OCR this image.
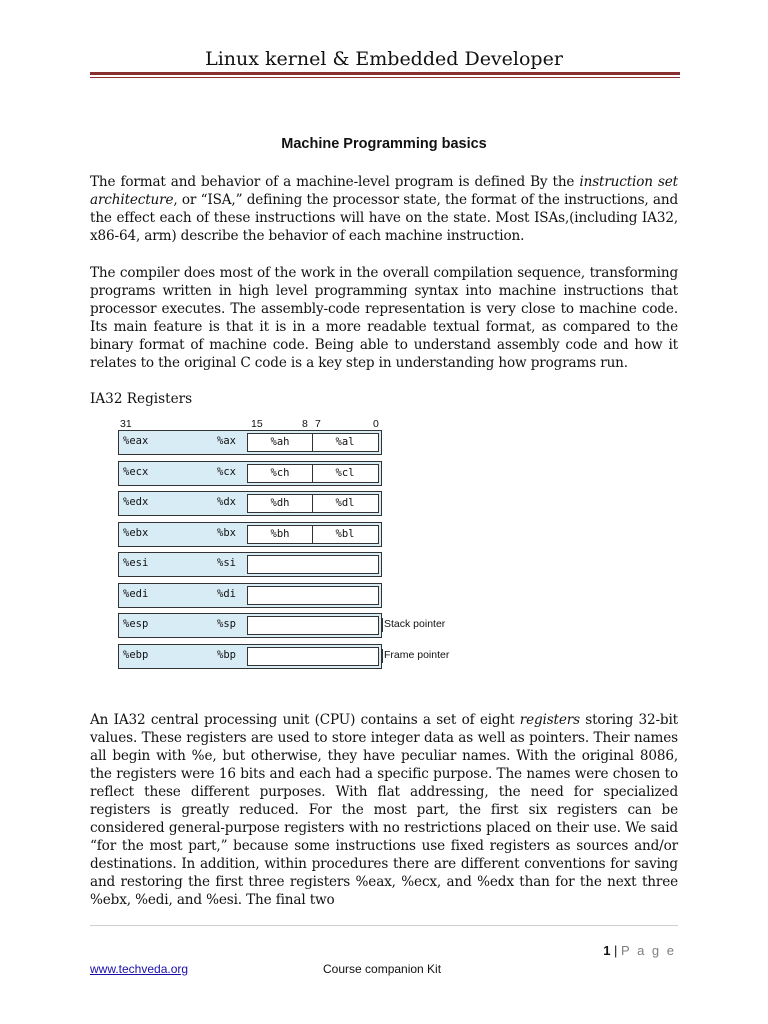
Linux kernel & Embedded Developer
Machine Programming basics
The format and behavior of a machine-level program is defined By the instruction set architecture, or “ISA,” defining the processor state, the format of the instructions, and the effect each of these instructions will have on the state. Most ISAs,(including IA32, x86-64, arm) describe the behavior of each machine instruction.
The compiler does most of the work in the overall compilation sequence, transforming programs written in high level programming syntax into machine instructions that processor executes. The assembly-code representation is very close to machine code. Its main feature is that it is in a more readable textual format, as compared to the binary format of machine code. Being able to understand assembly code and how it relates to the original C code is a key step in understanding how programs run.
IA32 Registers
31	15	8 7	0
%eax	%ax	%ah	%al
%ecx	%cx	%ch	%cl
%edx	%dx	%dh	%dl
%ebx	%bx	%bh	%bl
%esi	%si
%edi	%di
%esp	%sp	Stack pointer
%ebp	%bp	Frame pointer
An IA32 central processing unit (CPU) contains a set of eight registers storing 32-bit values. These registers are used to store integer data as well as pointers. Their names all begin with %e, but otherwise, they have peculiar names. With the original 8086, the registers were 16 bits and each had a specific purpose. The names were chosen to reflect these different purposes. With flat addressing, the need for specialized registers is greatly reduced. For the most part, the first six registers can be considered general-purpose registers with no restrictions placed on their use. We said “for the most part,” because some instructions use fixed registers as sources and/or destinations. In addition, within procedures there are different conventions for saving and restoring the first three registers %eax, %ecx, and %edx than for the next three %ebx, %edi, and %esi. The final two
1 | P a g e
www.techveda.org	Course companion Kit
